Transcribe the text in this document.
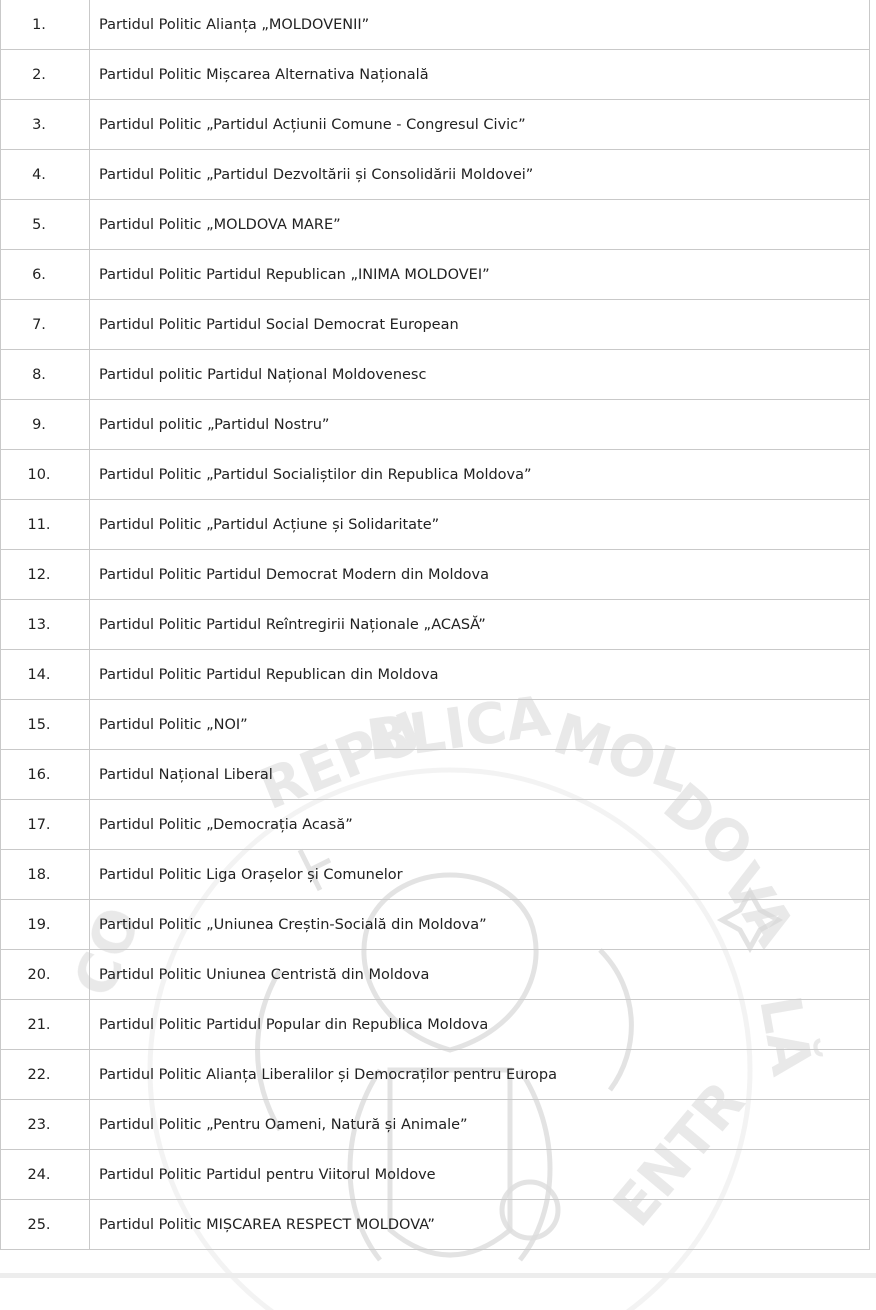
REPU
BLICA
MOL
DO
VA
CO
LĂ
ENTR
1.	Partidul Politic Alianța „MOLDOVENII”
2.	Partidul Politic Mișcarea Alternativa Națională
3.	Partidul Politic „Partidul Acțiunii Comune - Congresul Civic”
4.	Partidul Politic „Partidul Dezvoltării și Consolidării Moldovei”
5.	Partidul Politic „MOLDOVA MARE”
6.	Partidul Politic Partidul Republican „INIMA MOLDOVEI”
7.	Partidul Politic Partidul Social Democrat European
8.	Partidul politic Partidul Național Moldovenesc
9.	Partidul politic „Partidul Nostru”
10.	Partidul Politic „Partidul Socialiștilor din Republica Moldova”
11.	Partidul Politic „Partidul Acțiune și Solidaritate”
12.	Partidul Politic Partidul Democrat Modern din Moldova
13.	Partidul Politic Partidul Reîntregirii Naționale „ACASĂ”
14.	Partidul Politic Partidul Republican din Moldova
15.	Partidul Politic „NOI”
16.	Partidul Național Liberal
17.	Partidul Politic „Democrația Acasă”
18.	Partidul Politic Liga Orașelor și Comunelor
19.	Partidul Politic „Uniunea Creștin-Socială din Moldova”
20.	Partidul Politic Uniunea Centristă din Moldova
21.	Partidul Politic Partidul Popular din Republica Moldova
22.	Partidul Politic Alianța Liberalilor și Democraților pentru Europa
23.	Partidul Politic „Pentru Oameni, Natură și Animale”
24.	Partidul Politic Partidul pentru Viitorul Moldove
25.	Partidul Politic MIȘCAREA RESPECT MOLDOVA”
